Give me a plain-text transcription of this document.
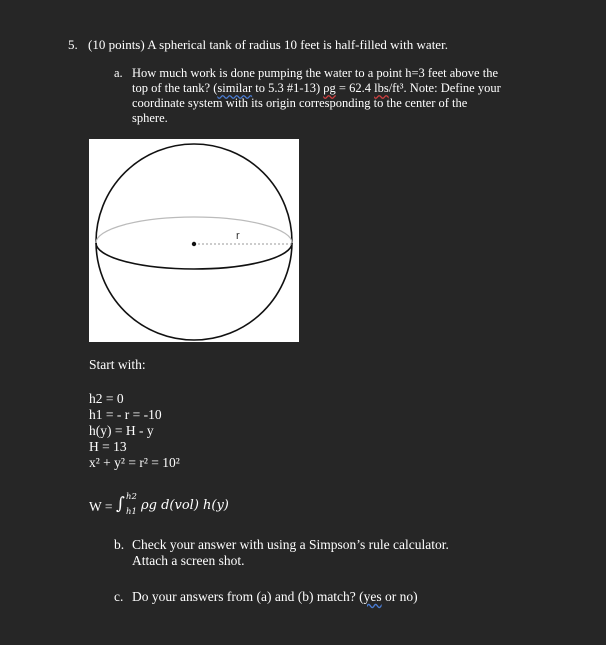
5. (10 points) A spherical tank of radius 10 feet is half-filled with water.
a. How much work is done pumping the water to a point h=3 feet above the
top of the tank? (similar to 5.3 #1-13) ρg = 62.4 lbs/ft³. Note: Define your
coordinate system with its origin corresponding to the center of the
sphere.
r
Start with:
h2 = 0
h1 = - r = -10
h(y) = H - y
H = 13
x² + y² = r² = 10²
W = ∫ h2
h1 ρg d(vol) h(y)
b. Check your answer with using a Simpson’s rule calculator.
Attach a screen shot.
c. Do your answers from (a) and (b) match? (yes or no)
